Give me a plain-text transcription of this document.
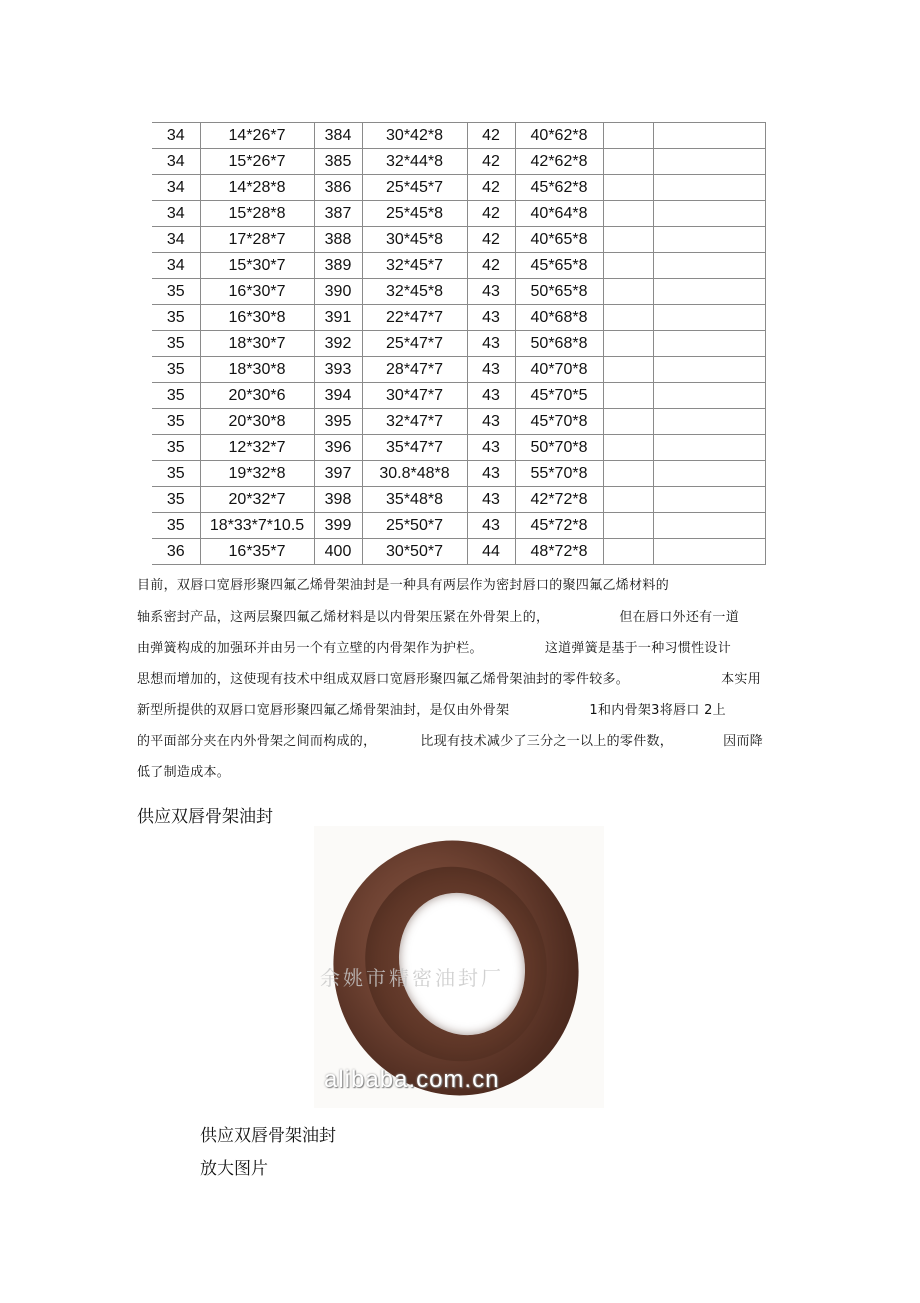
34	14*26*7	384	30*42*8	42	40*62*8		
34	15*26*7	385	32*44*8	42	42*62*8		
34	14*28*8	386	25*45*7	42	45*62*8		
34	15*28*8	387	25*45*8	42	40*64*8		
34	17*28*7	388	30*45*8	42	40*65*8		
34	15*30*7	389	32*45*7	42	45*65*8		
35	16*30*7	390	32*45*8	43	50*65*8		
35	16*30*8	391	22*47*7	43	40*68*8		
35	18*30*7	392	25*47*7	43	50*68*8		
35	18*30*8	393	28*47*7	43	40*70*8		
35	20*30*6	394	30*47*7	43	45*70*5		
35	20*30*8	395	32*47*7	43	45*70*8		
35	12*32*7	396	35*47*7	43	50*70*8		
35	19*32*8	397	30.8*48*8	43	55*70*8		
35	20*32*7	398	35*48*8	43	42*72*8		
35	18*33*7*10.5	399	25*50*7	43	45*72*8		
36	16*35*7	400	30*50*7	44	48*72*8		
目前，双唇口宽唇形聚四氟乙烯骨架油封是一种具有两层作为密封唇口的聚四氟乙烯材料的
轴系密封产品，这两层聚四氟乙烯材料是以内骨架压紧在外骨架上的，	但在唇口外还有一道
由弹簧构成的加强环并由另一个有立壁的内骨架作为护栏。	这道弹簧是基于一种习惯性设计
思想而增加的，这使现有技术中组成双唇口宽唇形聚四氟乙烯骨架油封的零件较多。	本实用
新型所提供的双唇口宽唇形聚四氟乙烯骨架油封，是仅由外骨架	1和内骨架3将唇口 2上
的平面部分夹在内外骨架之间而构成的，	比现有技术减少了三分之一以上的零件数，	因而降
低了制造成本。
供应双唇骨架油封
余姚市精密油封厂
alibaba.com.cn
供应双唇骨架油封
放大图片
